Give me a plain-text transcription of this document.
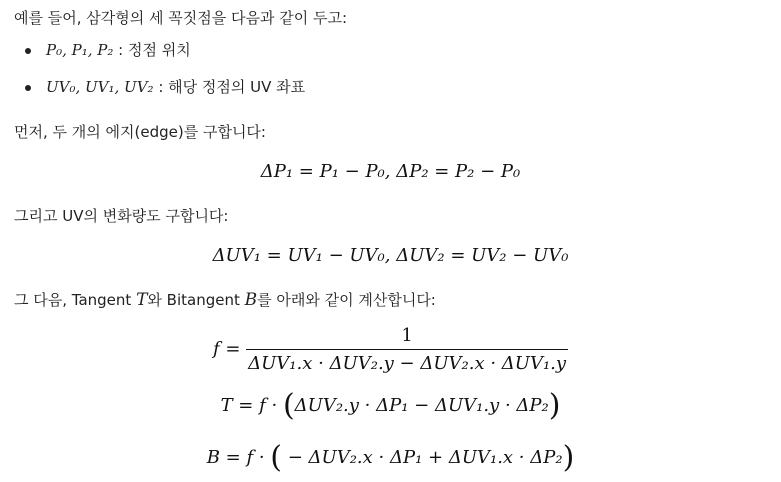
예를 들어, 삼각형의 세 꼭짓점을 다음과 같이 두고:
P₀, P₁, P₂ : 정점 위치
UV₀, UV₁, UV₂ : 해당 정점의 UV 좌표
먼저, 두 개의 에지(edge)를 구합니다:
ΔP₁ = P₁ − P₀, ΔP₂ = P₂ − P₀
그리고 UV의 변화량도 구합니다:
ΔUV₁ = UV₁ − UV₀, ΔUV₂ = UV₂ − UV₀
그 다음, Tangent T와 Bitangent B를 아래와 같이 계산합니다:
$f = \frac{1}{\text{ΔUV₁.x · ΔUV₂.y − ΔUV₂.x · ΔUV₁.y}}$
T = f · (ΔUV₂.y · ΔP₁ − ΔUV₁.y · ΔP₂)
B = f · ( − ΔUV₂.x · ΔP₁ + ΔUV₁.x · ΔP₂)
